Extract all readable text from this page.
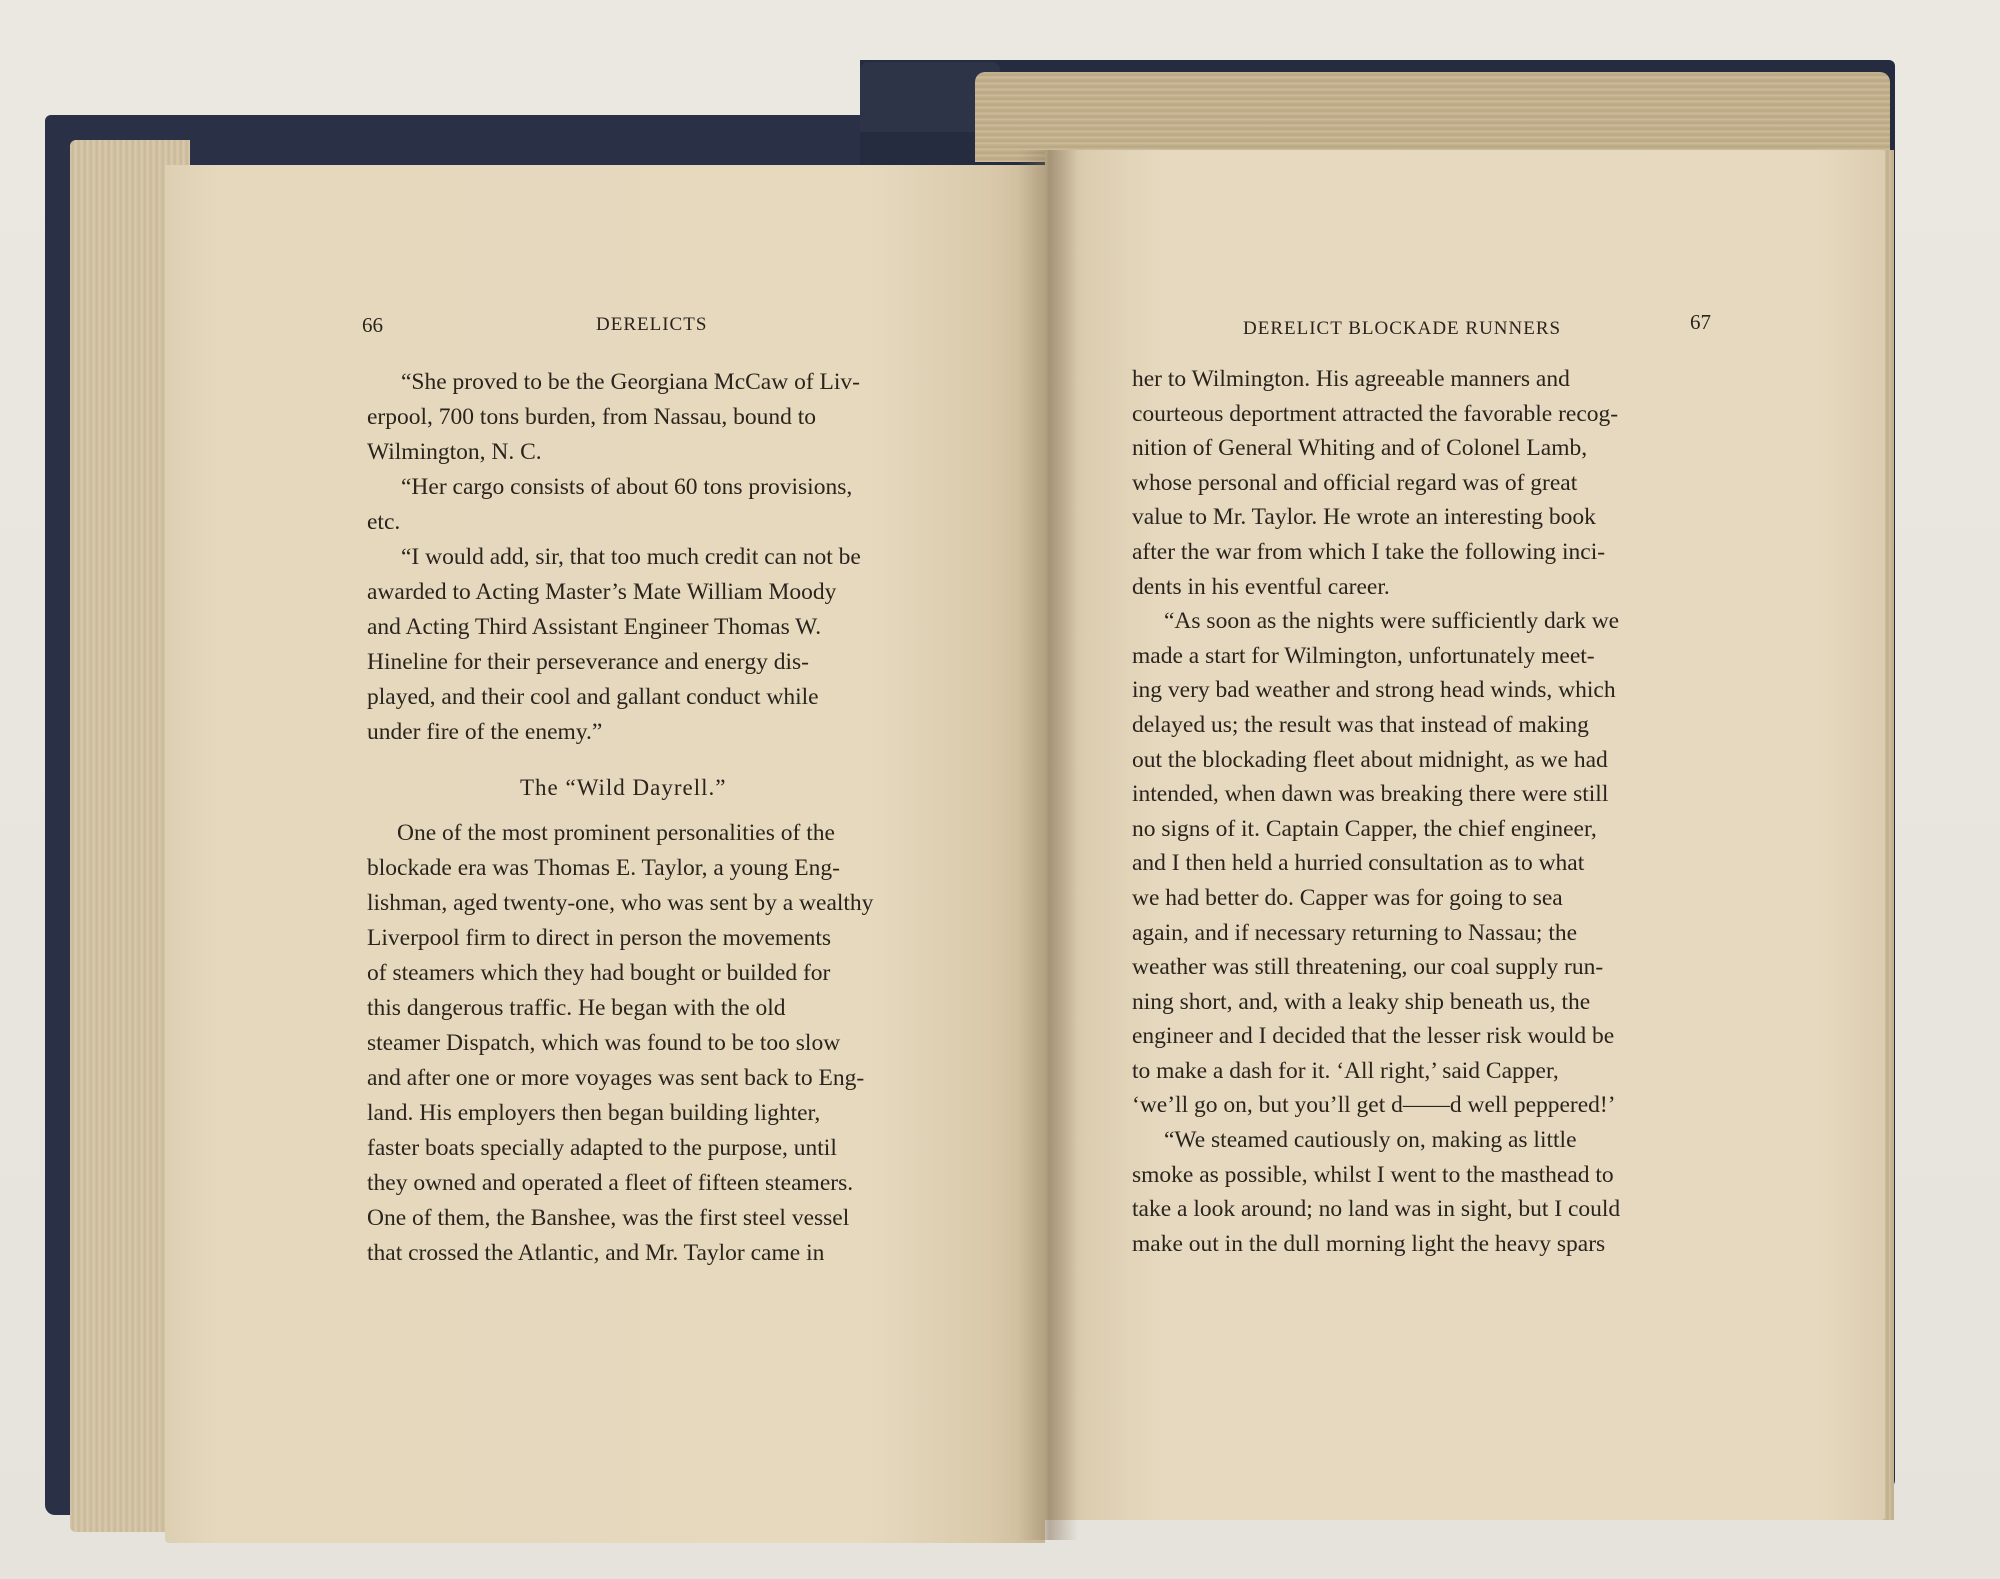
66	DERELICTS
“She proved to be the Georgiana McCaw of Liv-
erpool, 700 tons burden, from Nassau, bound to
Wilmington, N. C.
“Her cargo consists of about 60 tons provisions,
etc.
“I would add, sir, that too much credit can not be
awarded to Acting Master’s Mate William Moody
and Acting Third Assistant Engineer Thomas W.
Hineline for their perseverance and energy dis-
played, and their cool and gallant conduct while
under fire of the enemy.”
The “Wild Dayrell.”
One of the most prominent personalities of the
blockade era was Thomas E. Taylor, a young Eng-
lishman, aged twenty-one, who was sent by a wealthy
Liverpool firm to direct in person the movements
of steamers which they had bought or builded for
this dangerous traffic. He began with the old
steamer Dispatch, which was found to be too slow
and after one or more voyages was sent back to Eng-
land. His employers then began building lighter,
faster boats specially adapted to the purpose, until
they owned and operated a fleet of fifteen steamers.
One of them, the Banshee, was the first steel vessel
that crossed the Atlantic, and Mr. Taylor came in
DERELICT BLOCKADE RUNNERS	67
her to Wilmington. His agreeable manners and
courteous deportment attracted the favorable recog-
nition of General Whiting and of Colonel Lamb,
whose personal and official regard was of great
value to Mr. Taylor. He wrote an interesting book
after the war from which I take the following inci-
dents in his eventful career.
“As soon as the nights were sufficiently dark we
made a start for Wilmington, unfortunately meet-
ing very bad weather and strong head winds, which
delayed us; the result was that instead of making
out the blockading fleet about midnight, as we had
intended, when dawn was breaking there were still
no signs of it. Captain Capper, the chief engineer,
and I then held a hurried consultation as to what
we had better do. Capper was for going to sea
again, and if necessary returning to Nassau; the
weather was still threatening, our coal supply run-
ning short, and, with a leaky ship beneath us, the
engineer and I decided that the lesser risk would be
to make a dash for it. ‘All right,’ said Capper,
‘we’ll go on, but you’ll get d——d well peppered!’
“We steamed cautiously on, making as little
smoke as possible, whilst I went to the masthead to
take a look around; no land was in sight, but I could
make out in the dull morning light the heavy spars
